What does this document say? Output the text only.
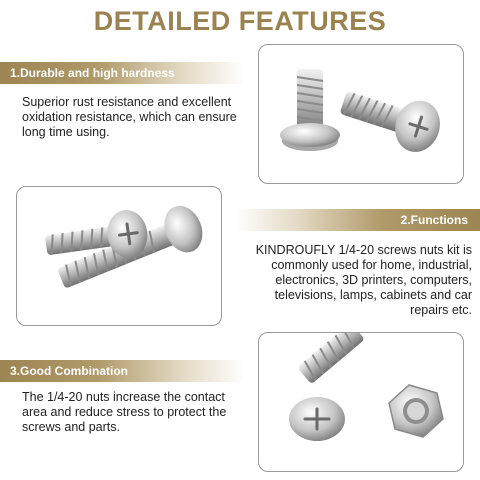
DETAILED FEATURES
1.Durable and high hardness
Superior rust resistance and excellent oxidation resistance, which can ensure long time using.
2.Functions
KINDROUFLY 1/4-20 screws nuts kit is commonly used for home, industrial, electronics, 3D printers, computers, televisions, lamps, cabinets and car repairs etc.
3.Good Combination
The 1/4-20 nuts increase the contact area and reduce stress to protect the screws and parts.
